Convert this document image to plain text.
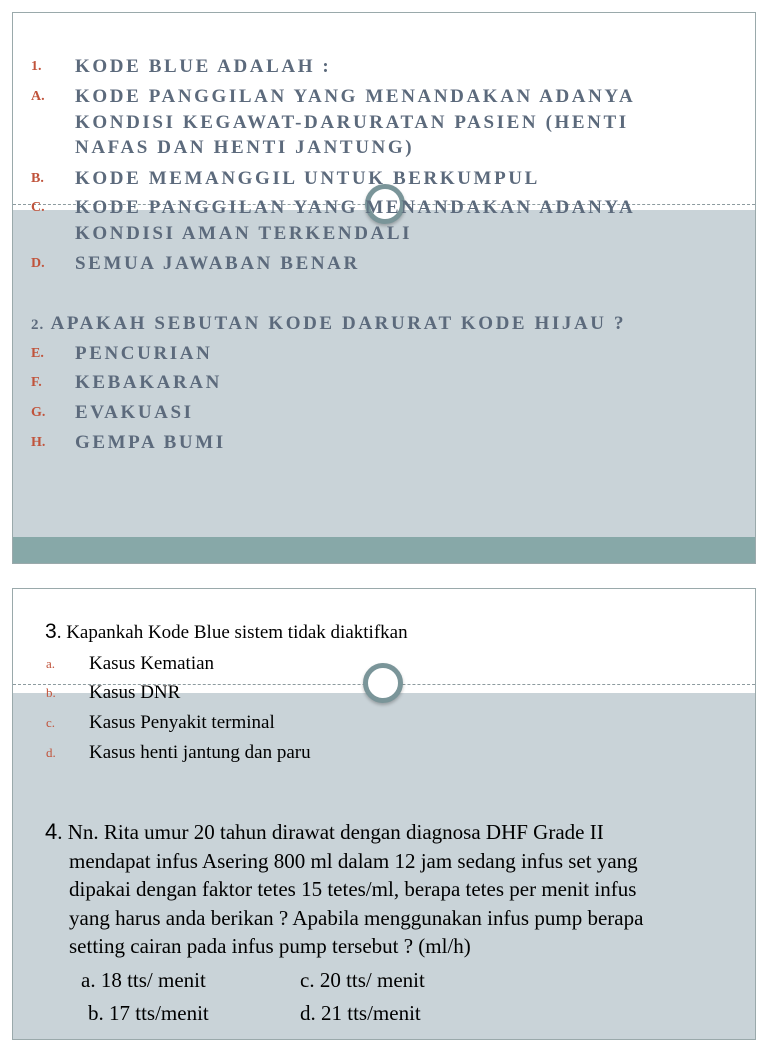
1. KODE BLUE ADALAH :
A. KODE PANGGILAN YANG MENANDAKAN ADANYA
KONDISI KEGAWAT-DARURATAN PASIEN (HENTI
NAFAS DAN HENTI JANTUNG)
B. KODE MEMANGGIL UNTUK BERKUMPUL
C. KODE PANGGILAN YANG MENANDAKAN ADANYA
KONDISI AMAN TERKENDALI
D. SEMUA JAWABAN BENAR
2. APAKAH SEBUTAN KODE DARURAT KODE HIJAU ?
E. PENCURIAN
F. KEBAKARAN
G. EVAKUASI
H. GEMPA BUMI
3. Kapankah Kode Blue sistem tidak diaktifkan
a. Kasus Kematian
b. Kasus DNR
c. Kasus Penyakit terminal
d. Kasus henti jantung dan paru
4. Nn. Rita umur 20 tahun dirawat dengan diagnosa DHF Grade II
mendapat infus Asering 800 ml dalam 12 jam sedang infus set yang
dipakai dengan faktor tetes 15 tetes/ml, berapa tetes per menit infus
yang harus anda berikan ? Apabila menggunakan infus pump berapa
setting cairan pada infus pump tersebut ? (ml/h)
a. 18 tts/ menit	c. 20 tts/ menit
b. 17 tts/menit	d. 21 tts/menit
